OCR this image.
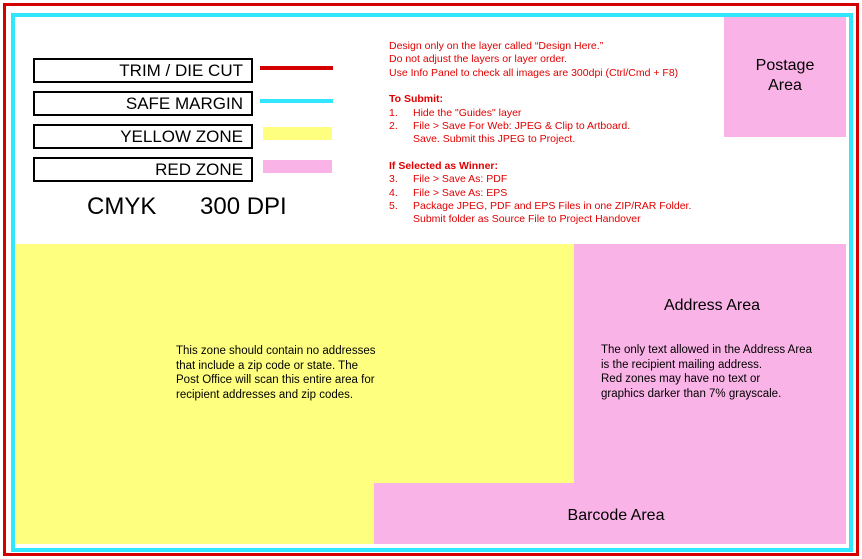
TRIM / DIE CUT
SAFE MARGIN
YELLOW ZONE
RED ZONE
CMYK 300 DPI
Design only on the layer called “Design Here.”
Do not adjust the layers or layer order.
Use Info Panel to check all images are 300dpi (Ctrl/Cmd + F8)
To Submit:
1. Hide the "Guides" layer
2. File > Save For Web: JPEG & Clip to Artboard.
Save. Submit this JPEG to Project.
If Selected as Winner:
3. File > Save As: PDF
4. File > Save As: EPS
5. Package JPEG, PDF and EPS Files in one ZIP/RAR Folder.
Submit folder as Source File to Project Handover
Postage
Area
This zone should contain no addresses
that include a zip code or state. The
Post Office will scan this entire area for
recipient addresses and zip codes.
Address Area
The only text allowed in the Address Area
is the recipient mailing address.
Red zones may have no text or
graphics darker than 7% grayscale.
Barcode Area
